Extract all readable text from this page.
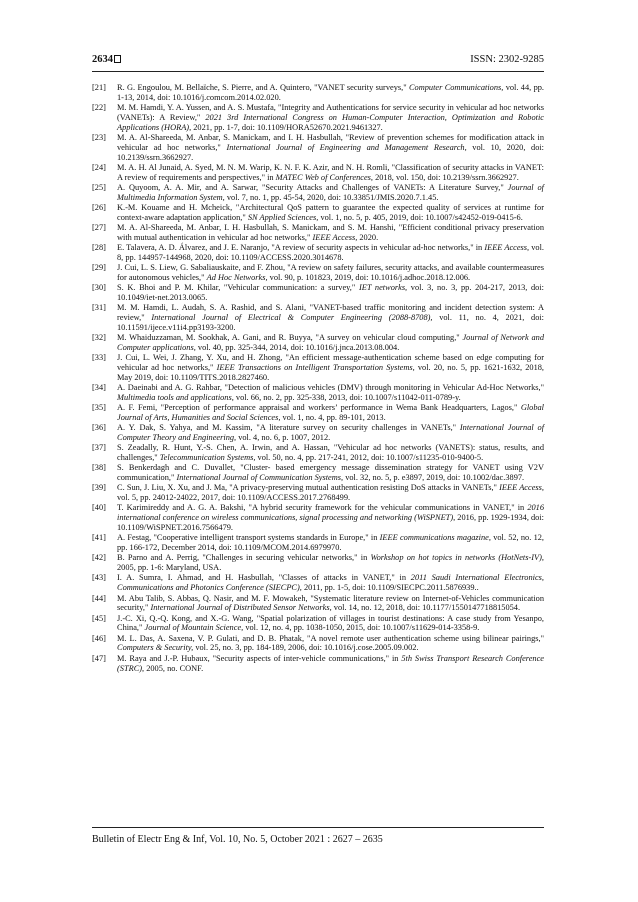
2634	ISSN: 2302-9285
[21]	R. G. Engoulou, M. Bellaïche, S. Pierre, and A. Quintero, "VANET security surveys," Computer Communications, vol. 44, pp. 1-13, 2014, doi: 10.1016/j.comcom.2014.02.020.
[22]	M. M. Hamdi, Y. A. Yussen, and A. S. Mustafa, "Integrity and Authentications for service security in vehicular ad hoc networks (VANETs): A Review," 2021 3rd International Congress on Human-Computer Interaction, Optimization and Robotic Applications (HORA), 2021, pp. 1-7, doi: 10.1109/HORA52670.2021.9461327.
[23]	M. A. Al-Shareeda, M. Anbar, S. Manickam, and I. H. Hasbullah, "Review of prevention schemes for modification attack in vehicular ad hoc networks," International Journal of Engineering and Management Research, vol. 10, 2020, doi: 10.2139/ssrn.3662927.
[24]	M. A. H. Al Junaid, A. Syed, M. N. M. Warip, K. N. F. K. Azir, and N. H. Romli, "Classification of security attacks in VANET: A review of requirements and perspectives," in MATEC Web of Conferences, 2018, vol. 150, doi: 10.2139/ssrn.3662927.
[25]	A. Quyoom, A. A. Mir, and A. Sarwar, "Security Attacks and Challenges of VANETs: A Literature Survey," Journal of Multimedia Information System, vol. 7, no. 1, pp. 45-54, 2020, doi: 10.33851/JMIS.2020.7.1.45.
[26]	K.-M. Kouame and H. Mcheick, "Architectural QoS pattern to guarantee the expected quality of services at runtime for context-aware adaptation application," SN Applied Sciences, vol. 1, no. 5, p. 405, 2019, doi: 10.1007/s42452-019-0415-6.
[27]	M. A. Al-Shareeda, M. Anbar, I. H. Hasbullah, S. Manickam, and S. M. Hanshi, "Efficient conditional privacy preservation with mutual authentication in vehicular ad hoc networks," IEEE Access, 2020.
[28]	E. Talavera, A. D. Álvarez, and J. E. Naranjo, "A review of security aspects in vehicular ad-hoc networks," in IEEE Access, vol. 8, pp. 144957-144968, 2020, doi: 10.1109/ACCESS.2020.3014678.
[29]	J. Cui, L. S. Liew, G. Sabaliauskaite, and F. Zhou, "A review on safety failures, security attacks, and available countermeasures for autonomous vehicles," Ad Hoc Networks, vol. 90, p. 101823, 2019, doi: 10.1016/j.adhoc.2018.12.006.
[30]	S. K. Bhoi and P. M. Khilar, "Vehicular communication: a survey," IET networks, vol. 3, no. 3, pp. 204-217, 2013, doi: 10.1049/iet-net.2013.0065.
[31]	M. M. Hamdi, L. Audah, S. A. Rashid, and S. Alani, "VANET-based traffic monitoring and incident detection system: A review," International Journal of Electrical & Computer Engineering (2088-8708), vol. 11, no. 4, 2021, doi: 10.11591/ijece.v11i4.pp3193-3200.
[32]	M. Whaiduzzaman, M. Sookhak, A. Gani, and R. Buyya, "A survey on vehicular cloud computing," Journal of Network and Computer applications, vol. 40, pp. 325-344, 2014, doi: 10.1016/j.jnca.2013.08.004.
[33]	J. Cui, L. Wei, J. Zhang, Y. Xu, and H. Zhong, "An efficient message-authentication scheme based on edge computing for vehicular ad hoc networks," IEEE Transactions on Intelligent Transportation Systems, vol. 20, no. 5, pp. 1621-1632, 2018, May 2019, doi: 10.1109/TITS.2018.2827460.
[34]	A. Daeinabi and A. G. Rahbar, "Detection of malicious vehicles (DMV) through monitoring in Vehicular Ad-Hoc Networks," Multimedia tools and applications, vol. 66, no. 2, pp. 325-338, 2013, doi: 10.1007/s11042-011-0789-y.
[35]	A. F. Femi, "Perception of performance appraisal and workers’ performance in Wema Bank Headquarters, Lagos," Global Journal of Arts, Humanities and Social Sciences, vol. 1, no. 4, pp. 89-101, 2013.
[36]	A. Y. Dak, S. Yahya, and M. Kassim, "A literature survey on security challenges in VANETs," International Journal of Computer Theory and Engineering, vol. 4, no. 6, p. 1007, 2012.
[37]	S. Zeadally, R. Hunt, Y.-S. Chen, A. Irwin, and A. Hassan, "Vehicular ad hoc networks (VANETS): status, results, and challenges," Telecommunication Systems, vol. 50, no. 4, pp. 217-241, 2012, doi: 10.1007/s11235-010-9400-5.
[38]	S. Benkerdagh and C. Duvallet, "Cluster- based emergency message dissemination strategy for VANET using V2V communication," International Journal of Communication Systems, vol. 32, no. 5, p. e3897, 2019, doi: 10.1002/dac.3897.
[39]	C. Sun, J. Liu, X. Xu, and J. Ma, "A privacy-preserving mutual authentication resisting DoS attacks in VANETs," IEEE Access, vol. 5, pp. 24012-24022, 2017, doi: 10.1109/ACCESS.2017.2768499.
[40]	T. Karimireddy and A. G. A. Bakshi, "A hybrid security framework for the vehicular communications in VANET," in 2016 international conference on wireless communications, signal processing and networking (WiSPNET), 2016, pp. 1929-1934, doi: 10.1109/WiSPNET.2016.7566479.
[41]	A. Festag, "Cooperative intelligent transport systems standards in Europe," in IEEE communications magazine, vol. 52, no. 12, pp. 166-172, December 2014, doi: 10.1109/MCOM.2014.6979970.
[42]	B. Parno and A. Perrig, "Challenges in securing vehicular networks," in Workshop on hot topics in networks (HotNets-IV), 2005, pp. 1-6: Maryland, USA.
[43]	I. A. Sumra, I. Ahmad, and H. Hasbullah, "Classes of attacks in VANET," in 2011 Saudi International Electronics, Communications and Photonics Conference (SIECPC), 2011, pp. 1-5, doi: 10.1109/SIECPC.2011.5876939..
[44]	M. Abu Talib, S. Abbas, Q. Nasir, and M. F. Mowakeh, "Systematic literature review on Internet-of-Vehicles communication security," International Journal of Distributed Sensor Networks, vol. 14, no. 12, 2018, doi: 10.1177/1550147718815054.
[45]	J.-C. Xi, Q.-Q. Kong, and X.-G. Wang, "Spatial polarization of villages in tourist destinations: A case study from Yesanpo, China," Journal of Mountain Science, vol. 12, no. 4, pp. 1038-1050, 2015, doi: 10.1007/s11629-014-3358-9.
[46]	M. L. Das, A. Saxena, V. P. Gulati, and D. B. Phatak, "A novel remote user authentication scheme using bilinear pairings," Computers & Security, vol. 25, no. 3, pp. 184-189, 2006, doi: 10.1016/j.cose.2005.09.002.
[47]	M. Raya and J.-P. Hubaux, "Security aspects of inter-vehicle communications," in 5th Swiss Transport Research Conference (STRC), 2005, no. CONF.
Bulletin of Electr Eng & Inf, Vol. 10, No. 5, October 2021 : 2627 – 2635
